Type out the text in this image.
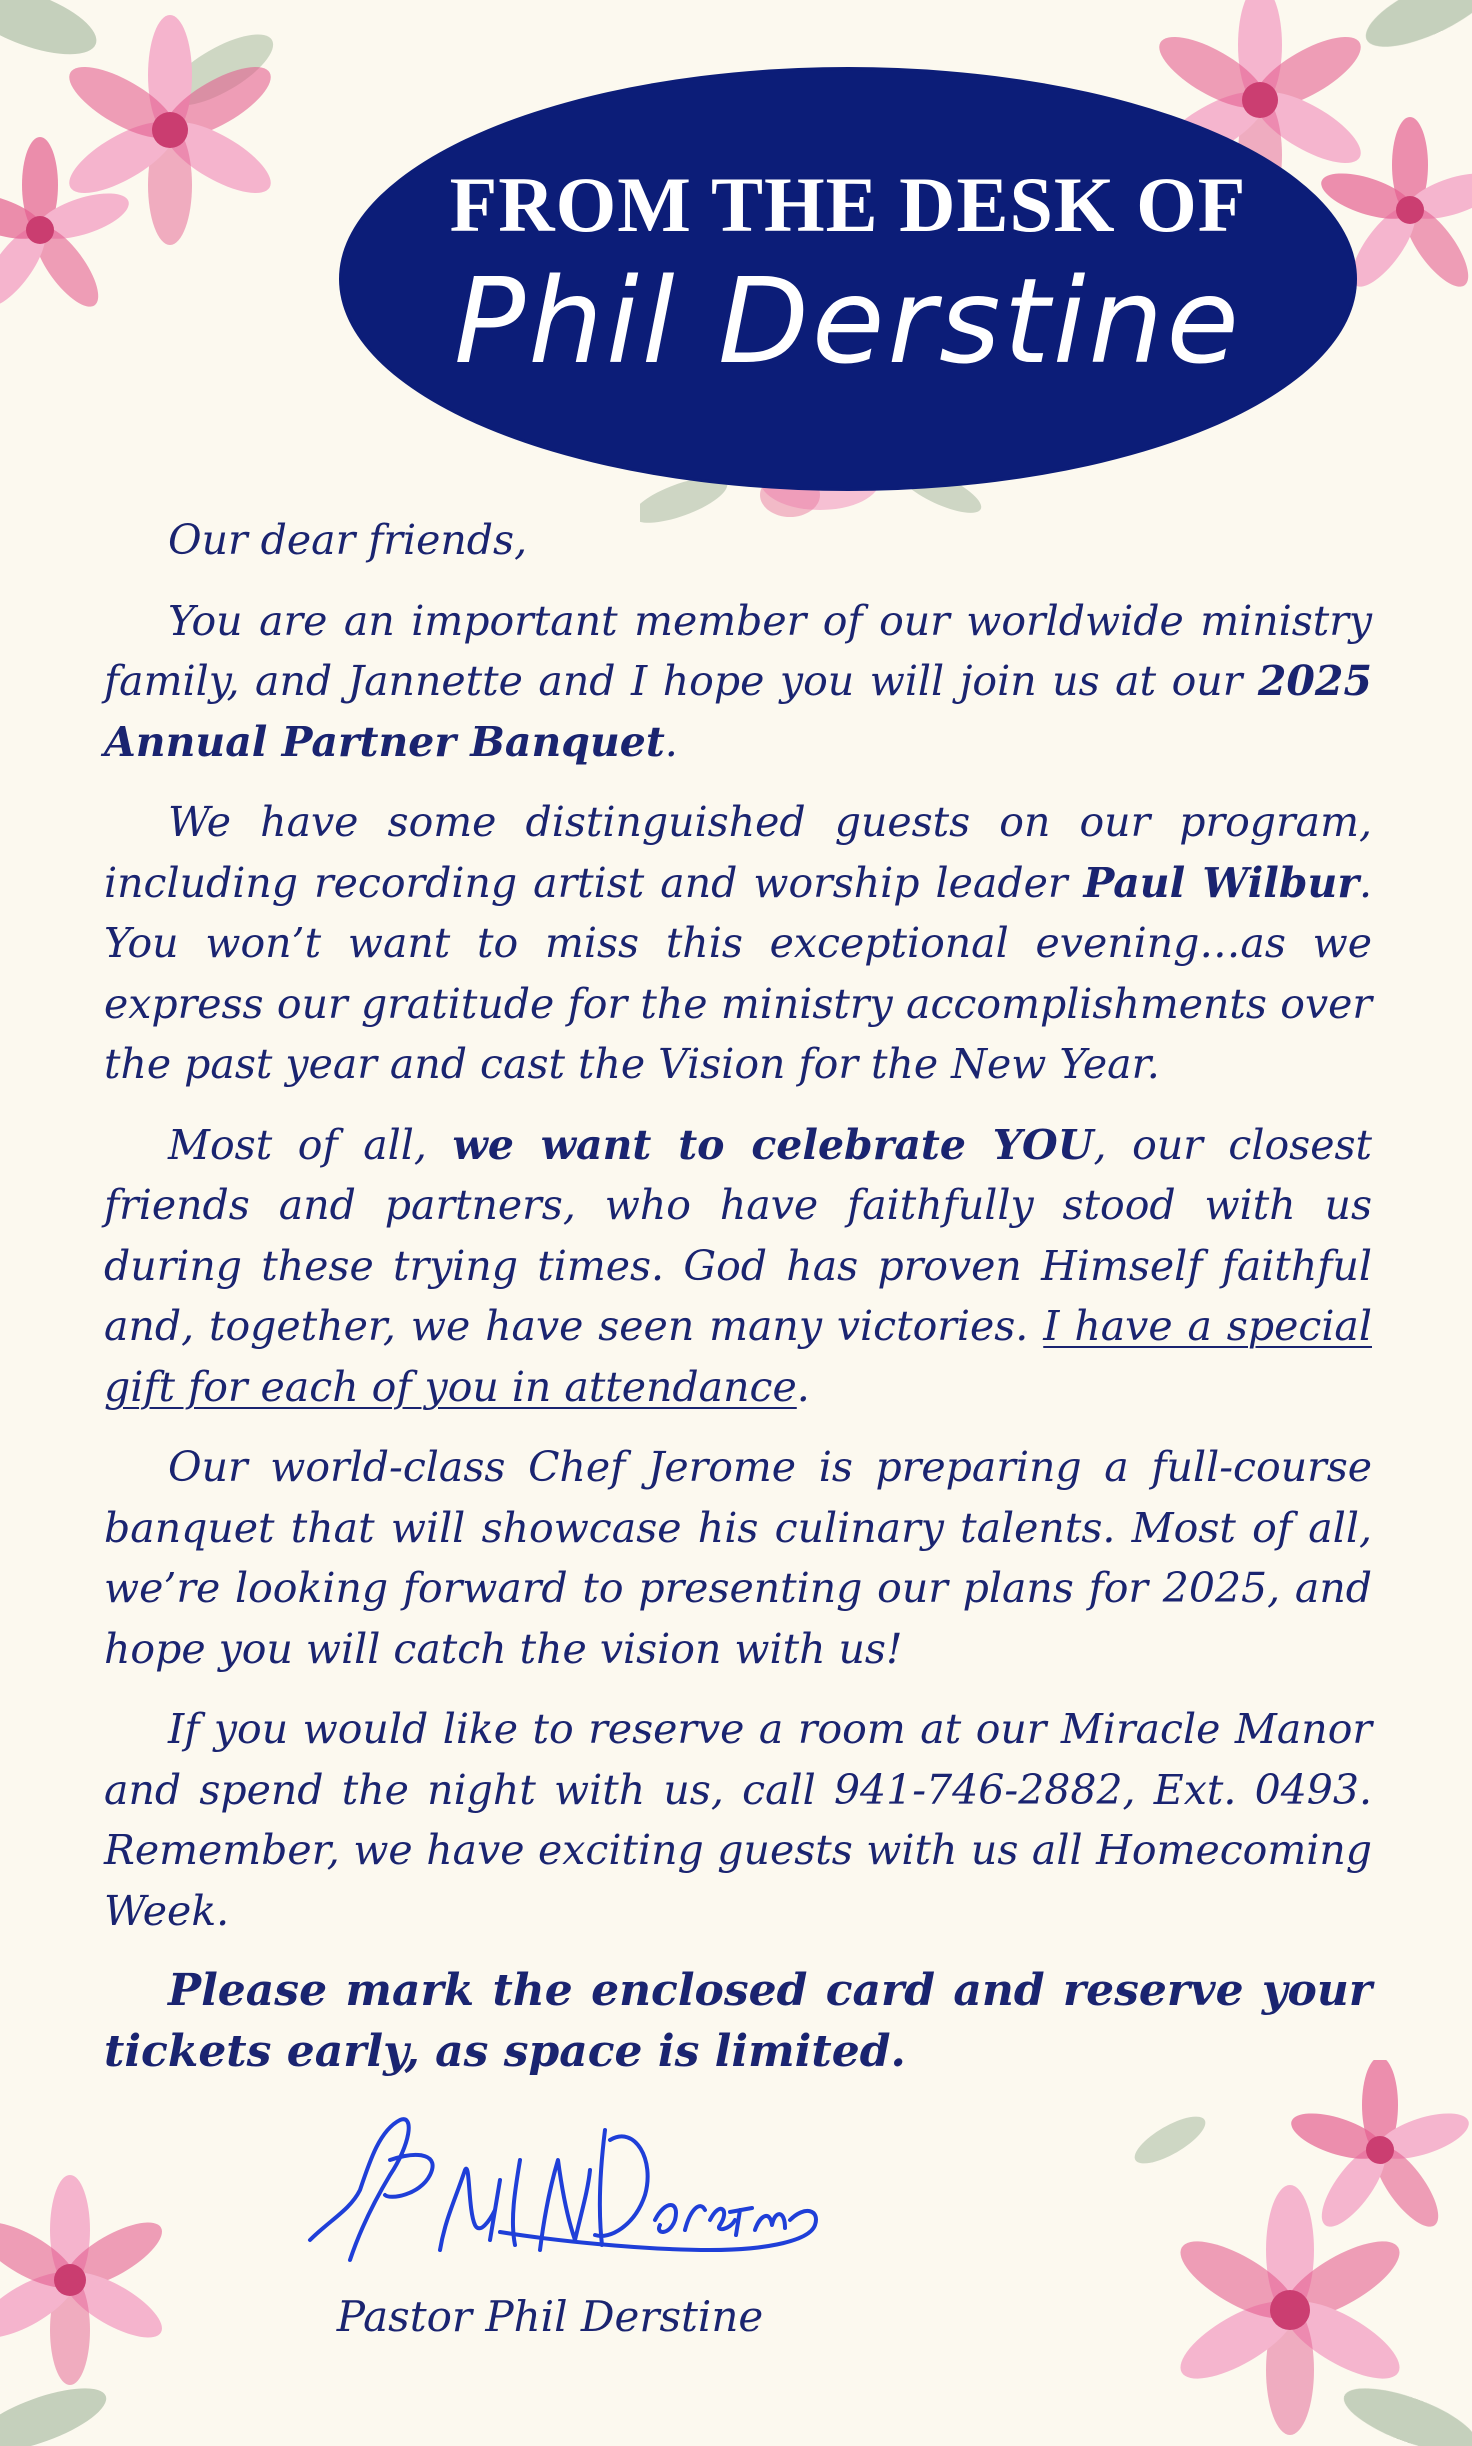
FROM THE DESK OF
Phil Derstine

Our dear friends,

You are an important member of our worldwide ministry family, and Jannette and I hope you will join us at our 2025 Annual Partner Banquet.

We have some distinguished guests on our program, including recording artist and worship leader Paul Wilbur. You won’t want to miss this exceptional evening…as we express our gratitude for the ministry accomplishments over the past year and cast the Vision for the New Year.

Most of all, we want to celebrate YOU, our closest friends and partners, who have faithfully stood with us during these trying times. God has proven Himself faithful and, together, we have seen many victories. I have a special gift for each of you in attendance.

Our world-class Chef Jerome is preparing a full-course banquet that will showcase his culinary talents. Most of all, we’re looking forward to presenting our plans for 2025, and hope you will catch the vision with us!

If you would like to reserve a room at our Miracle Manor and spend the night with us, call 941-746-2882, Ext. 0493. Remember, we have exciting guests with us all Homecoming Week.

Please mark the enclosed card and reserve your tickets early, as space is limited.

Pastor Phil Derstine
